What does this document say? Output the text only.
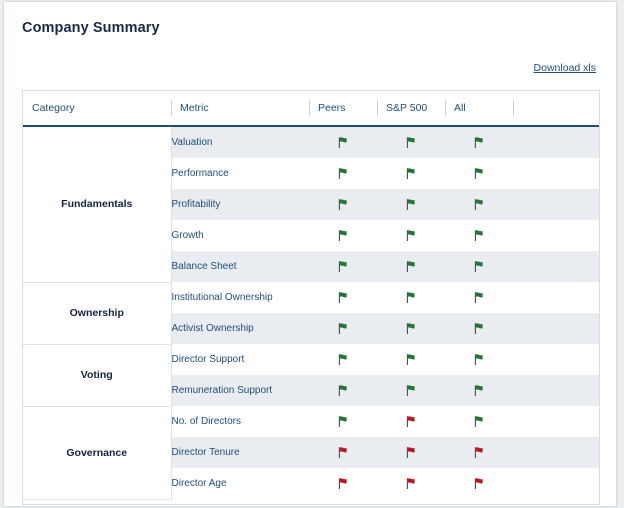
Company Summary
Download xls
Category	Metric	Peers	S&P 500	All	

Fundamentals	Valuation				
	Performance				
	Profitability				
	Growth				
	Balance Sheet				
Ownership	Institutional Ownership				
	Activist Ownership				
Voting	Director Support				
	Remuneration Support				
Governance	No. of Directors				
	Director Tenure				
	Director Age				
